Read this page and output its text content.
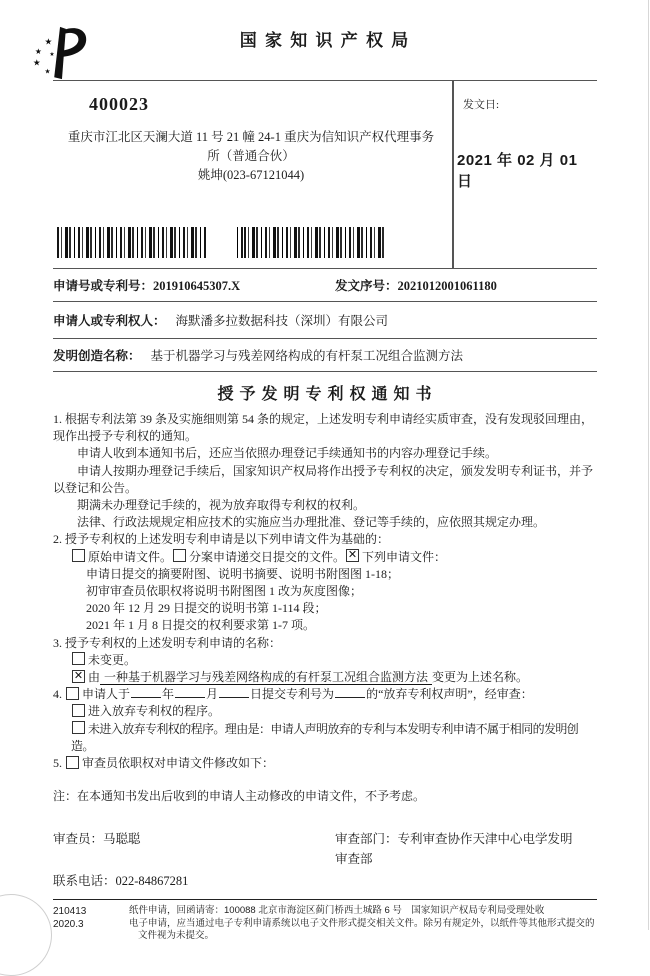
★
★ ★
★
★
国 家 知 识 产 权 局
400023
重庆市江北区天澜大道 11 号 21 幢 24-1 重庆为信知识产权代理事务
所（普通合伙）
姚坤(023-67121044)
发文日:
2021 年 02 月 01 日
申请号或专利号：201910645307.X	发文序号：2021012001061180
申请人或专利权人： 海默潘多拉数据科技（深圳）有限公司
发明创造名称： 基于机器学习与残差网络构成的有杆泵工况组合监测方法
授 予 发 明 专 利 权 通 知 书
1. 根据专利法第 39 条及实施细则第 54 条的规定，上述发明专利申请经实质审查，没有发现驳回理由，现作出授予专利权的通知。
申请人收到本通知书后，还应当依照办理登记手续通知书的内容办理登记手续。
申请人按期办理登记手续后，国家知识产权局将作出授予专利权的决定，颁发发明专利证书，并予以登记和公告。
期满未办理登记手续的，视为放弃取得专利权的权利。
法律、行政法规规定相应技术的实施应当办理批准、登记等手续的，应依照其规定办理。
2. 授予专利权的上述发明专利申请是以下列申请文件为基础的：
原始申请文件。 分案申请递交日提交的文件。 ✕ 下列申请文件：
申请日提交的摘要附图、说明书摘要、说明书附图图 1-18；
初审审查员依职权将说明书附图图 1 改为灰度图像；
2020 年 12 月 29 日提交的说明书第 1-114 段；
2021 年 1 月 8 日提交的权利要求第 1-7 项。
3. 授予专利权的上述发明专利申请的名称：
未变更。
✕由 一种基于机器学习与残差网络构成的有杆泵工况组合监测方法 变更为上述名称。
4. 申请人于	年	月	日提交专利号为	的“放弃专利权声明”，经审查：
进入放弃专利权的程序。
未进入放弃专利权的程序。理由是：申请人声明放弃的专利与本发明专利申请不属于相同的发明创造。
5. 审查员依职权对申请文件修改如下：
注：在本通知书发出后收到的申请人主动修改的申请文件，不予考虑。
审查员：马聪聪
联系电话：022-84867281
审查部门：专利审查协作天津中心电学发明
审查部
210413
2020.3
纸件申请，回函请寄：100088 北京市海淀区蓟门桥西土城路 6 号　国家知识产权局专利局受理处收
电子申请，应当通过电子专利申请系统以电子文件形式提交相关文件。除另有规定外，以纸件等其他形式提交的
文件视为未提交。
